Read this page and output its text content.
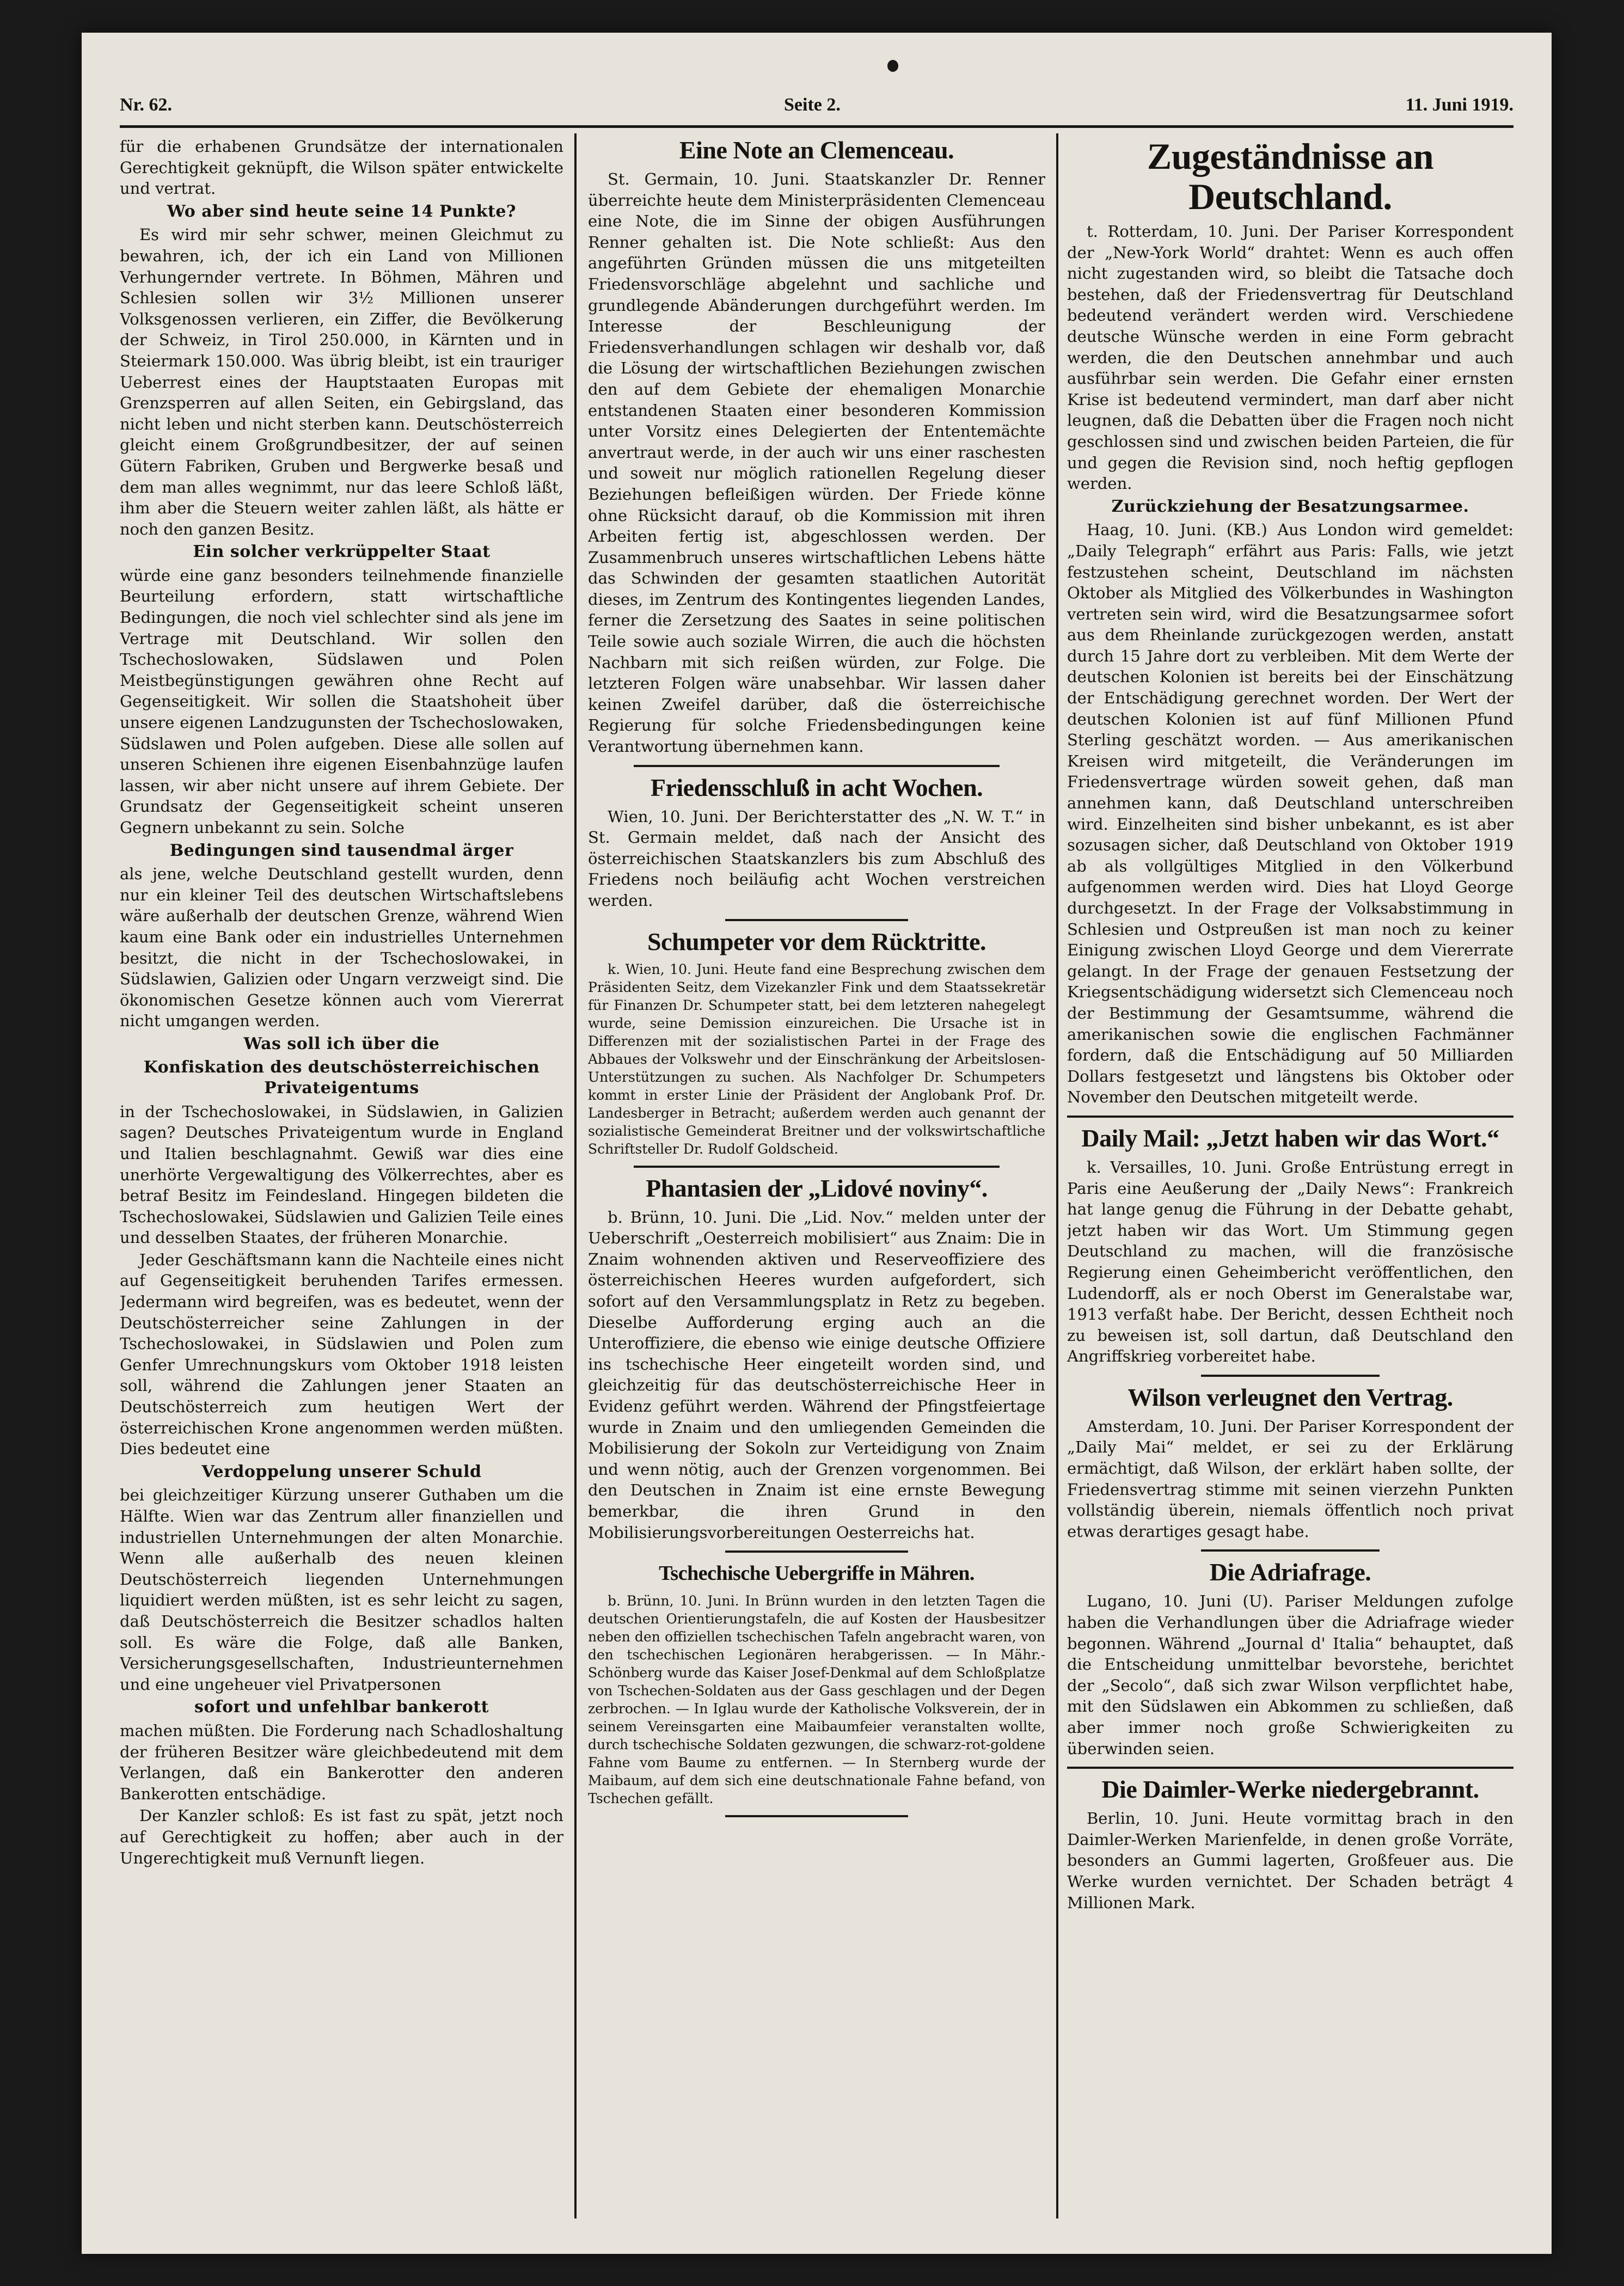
Nr. 62.	Seite 2.	11. Juni 1919.

für die erhabenen Grundsätze der internationalen Gerechtigkeit geknüpft, die Wilson später entwickelte und vertrat.

Wo aber sind heute seine 14 Punkte?

Es wird mir sehr schwer, meinen Gleichmut zu bewahren, ich, der ich ein Land von Millionen Verhungernder vertrete. In Böhmen, Mähren und Schlesien sollen wir 3½ Millionen unserer Volksgenossen verlieren, ein Ziffer, die Bevölkerung der Schweiz, in Tirol 250.000, in Kärnten und in Steiermark 150.000. Was übrig bleibt, ist ein trauriger Ueberrest eines der Hauptstaaten Europas mit Grenzsperren auf allen Seiten, ein Gebirgsland, das nicht leben und nicht sterben kann. Deutschösterreich gleicht einem Großgrundbesitzer, der auf seinen Gütern Fabriken, Gruben und Bergwerke besaß und dem man alles wegnimmt, nur das leere Schloß läßt, ihm aber die Steuern weiter zahlen läßt, als hätte er noch den ganzen Besitz.

Ein solcher verkrüppelter Staat

würde eine ganz besonders teilnehmende finanzielle Beurteilung erfordern, statt wirtschaftliche Bedingungen, die noch viel schlechter sind als jene im Vertrage mit Deutschland. Wir sollen den Tschechoslowaken, Südslawen und Polen Meistbegünstigungen gewähren ohne Recht auf Gegenseitigkeit. Wir sollen die Staatshoheit über unsere eigenen Landzugunsten der Tschechoslowaken, Südslawen und Polen aufgeben. Diese alle sollen auf unseren Schienen ihre eigenen Eisenbahnzüge laufen lassen, wir aber nicht unsere auf ihrem Gebiete. Der Grundsatz der Gegenseitigkeit scheint unseren Gegnern unbekannt zu sein. Solche

Bedingungen sind tausendmal ärger

als jene, welche Deutschland gestellt wurden, denn nur ein kleiner Teil des deutschen Wirtschaftslebens wäre außerhalb der deutschen Grenze, während Wien kaum eine Bank oder ein industrielles Unternehmen besitzt, die nicht in der Tschechoslowakei, in Südslawien, Galizien oder Ungarn verzweigt sind. Die ökonomischen Gesetze können auch vom Viererrat nicht umgangen werden.

Was soll ich über die
Konfiskation des deutschösterreichischen Privateigentums

in der Tschechoslowakei, in Südslawien, in Galizien sagen? Deutsches Privateigentum wurde in England und Italien beschlagnahmt. Gewiß war dies eine unerhörte Vergewaltigung des Völkerrechtes, aber es betraf Besitz im Feindesland. Hingegen bildeten die Tschechoslowakei, Südslawien und Galizien Teile eines und desselben Staates, der früheren Monarchie.

Jeder Geschäftsmann kann die Nachteile eines nicht auf Gegenseitigkeit beruhenden Tarifes ermessen. Jedermann wird begreifen, was es bedeutet, wenn der Deutschösterreicher seine Zahlungen in der Tschechoslowakei, in Südslawien und Polen zum Genfer Umrechnungskurs vom Oktober 1918 leisten soll, während die Zahlungen jener Staaten an Deutschösterreich zum heutigen Wert der österreichischen Krone angenommen werden müßten. Dies bedeutet eine

Verdoppelung unserer Schuld

bei gleichzeitiger Kürzung unserer Guthaben um die Hälfte. Wien war das Zentrum aller finanziellen und industriellen Unternehmungen der alten Monarchie. Wenn alle außerhalb des neuen kleinen Deutschösterreich liegenden Unternehmungen liquidiert werden müßten, ist es sehr leicht zu sagen, daß Deutschösterreich die Besitzer schadlos halten soll. Es wäre die Folge, daß alle Banken, Versicherungsgesellschaften, Industrieunternehmen und eine ungeheuer viel Privatpersonen

sofort und unfehlbar bankerott

machen müßten. Die Forderung nach Schadloshaltung der früheren Besitzer wäre gleichbedeutend mit dem Verlangen, daß ein Bankerotter den anderen Bankerotten entschädige.

Der Kanzler schloß: Es ist fast zu spät, jetzt noch auf Gerechtigkeit zu hoffen; aber auch in der Ungerechtigkeit muß Vernunft liegen.

Eine Note an Clemenceau.

St. Germain, 10. Juni. Staatskanzler Dr. Renner überreichte heute dem Ministerpräsidenten Clemenceau eine Note, die im Sinne der obigen Ausführungen Renner gehalten ist. Die Note schließt: Aus den angeführten Gründen müssen die uns mitgeteilten Friedensvorschläge abgelehnt und sachliche und grundlegende Abänderungen durchgeführt werden. Im Interesse der Beschleunigung der Friedensverhandlungen schlagen wir deshalb vor, daß die Lösung der wirtschaftlichen Beziehungen zwischen den auf dem Gebiete der ehemaligen Monarchie entstandenen Staaten einer besonderen Kommission unter Vorsitz eines Delegierten der Ententemächte anvertraut werde, in der auch wir uns einer raschesten und soweit nur möglich rationellen Regelung dieser Beziehungen befleißigen würden. Der Friede könne ohne Rücksicht darauf, ob die Kommission mit ihren Arbeiten fertig ist, abgeschlossen werden. Der Zusammenbruch unseres wirtschaftlichen Lebens hätte das Schwinden der gesamten staatlichen Autorität dieses, im Zentrum des Kontingentes liegenden Landes, ferner die Zersetzung des Saates in seine politischen Teile sowie auch soziale Wirren, die auch die höchsten Nachbarn mit sich reißen würden, zur Folge. Die letzteren Folgen wäre unabsehbar. Wir lassen daher keinen Zweifel darüber, daß die österreichische Regierung für solche Friedensbedingungen keine Verantwortung übernehmen kann.

Friedensschluß in acht Wochen.

Wien, 10. Juni. Der Berichterstatter des „N. W. T.“ in St. Germain meldet, daß nach der Ansicht des österreichischen Staatskanzlers bis zum Abschluß des Friedens noch beiläufig acht Wochen verstreichen werden.

Schumpeter vor dem Rücktritte.

k. Wien, 10. Juni. Heute fand eine Besprechung zwischen dem Präsidenten Seitz, dem Vizekanzler Fink und dem Staatssekretär für Finanzen Dr. Schumpeter statt, bei dem letzteren nahegelegt wurde, seine Demission einzureichen. Die Ursache ist in Differenzen mit der sozialistischen Partei in der Frage des Abbaues der Volkswehr und der Einschränkung der Arbeitslosen-Unterstützungen zu suchen. Als Nachfolger Dr. Schumpeters kommt in erster Linie der Präsident der Anglobank Prof. Dr. Landesberger in Betracht; außerdem werden auch genannt der sozialistische Gemeinderat Breitner und der volkswirtschaftliche Schriftsteller Dr. Rudolf Goldscheid.

Phantasien der „Lidové noviny“.

b. Brünn, 10. Juni. Die „Lid. Nov.“ melden unter der Ueberschrift „Oesterreich mobilisiert“ aus Znaim: Die in Znaim wohnenden aktiven und Reserveoffiziere des österreichischen Heeres wurden aufgefordert, sich sofort auf den Versammlungsplatz in Retz zu begeben. Dieselbe Aufforderung erging auch an die Unteroffiziere, die ebenso wie einige deutsche Offiziere ins tschechische Heer eingeteilt worden sind, und gleichzeitig für das deutschösterreichische Heer in Evidenz geführt werden. Während der Pfingstfeiertage wurde in Znaim und den umliegenden Gemeinden die Mobilisierung der Sokoln zur Verteidigung von Znaim und wenn nötig, auch der Grenzen vorgenommen. Bei den Deutschen in Znaim ist eine ernste Bewegung bemerkbar, die ihren Grund in den Mobilisierungsvorbereitungen Oesterreichs hat.

Tschechische Uebergriffe in Mähren.

b. Brünn, 10. Juni. In Brünn wurden in den letzten Tagen die deutschen Orientierungstafeln, die auf Kosten der Hausbesitzer neben den offiziellen tschechischen Tafeln angebracht waren, von den tschechischen Legionären herabgerissen. — In Mähr.-Schönberg wurde das Kaiser Josef-Denkmal auf dem Schloßplatze von Tschechen-Soldaten aus der Gass geschlagen und der Degen zerbrochen. — In Iglau wurde der Katholische Volksverein, der in seinem Vereinsgarten eine Maibaumfeier veranstalten wollte, durch tschechische Soldaten gezwungen, die schwarz-rot-goldene Fahne vom Baume zu entfernen. — In Sternberg wurde der Maibaum, auf dem sich eine deutschnationale Fahne befand, von Tschechen gefällt.

Zugeständnisse an Deutschland.

t. Rotterdam, 10. Juni. Der Pariser Korrespondent der „New-York World“ drahtet: Wenn es auch offen nicht zugestanden wird, so bleibt die Tatsache doch bestehen, daß der Friedensvertrag für Deutschland bedeutend verändert werden wird. Verschiedene deutsche Wünsche werden in eine Form gebracht werden, die den Deutschen annehmbar und auch ausführbar sein werden. Die Gefahr einer ernsten Krise ist bedeutend vermindert, man darf aber nicht leugnen, daß die Debatten über die Fragen noch nicht geschlossen sind und zwischen beiden Parteien, die für und gegen die Revision sind, noch heftig gepflogen werden.

Zurückziehung der Besatzungsarmee.

Haag, 10. Juni. (KB.) Aus London wird gemeldet: „Daily Telegraph“ erfährt aus Paris: Falls, wie jetzt festzustehen scheint, Deutschland im nächsten Oktober als Mitglied des Völkerbundes in Washington vertreten sein wird, wird die Besatzungsarmee sofort aus dem Rheinlande zurückgezogen werden, anstatt durch 15 Jahre dort zu verbleiben. Mit dem Werte der deutschen Kolonien ist bereits bei der Einschätzung der Entschädigung gerechnet worden. Der Wert der deutschen Kolonien ist auf fünf Millionen Pfund Sterling geschätzt worden. — Aus amerikanischen Kreisen wird mitgeteilt, die Veränderungen im Friedensvertrage würden soweit gehen, daß man annehmen kann, daß Deutschland unterschreiben wird. Einzelheiten sind bisher unbekannt, es ist aber sozusagen sicher, daß Deutschland von Oktober 1919 ab als vollgültiges Mitglied in den Völkerbund aufgenommen werden wird. Dies hat Lloyd George durchgesetzt. In der Frage der Volksabstimmung in Schlesien und Ostpreußen ist man noch zu keiner Einigung zwischen Lloyd George und dem Viererrate gelangt. In der Frage der genauen Festsetzung der Kriegsentschädigung widersetzt sich Clemenceau noch der Bestimmung der Gesamtsumme, während die amerikanischen sowie die englischen Fachmänner fordern, daß die Entschädigung auf 50 Milliarden Dollars festgesetzt und längstens bis Oktober oder November den Deutschen mitgeteilt werde.

Daily Mail: „Jetzt haben wir das Wort.“

k. Versailles, 10. Juni. Große Entrüstung erregt in Paris eine Aeußerung der „Daily News“: Frankreich hat lange genug die Führung in der Debatte gehabt, jetzt haben wir das Wort. Um Stimmung gegen Deutschland zu machen, will die französische Regierung einen Geheimbericht veröffentlichen, den Ludendorff, als er noch Oberst im Generalstabe war, 1913 verfaßt habe. Der Bericht, dessen Echtheit noch zu beweisen ist, soll dartun, daß Deutschland den Angriffskrieg vorbereitet habe.

Wilson verleugnet den Vertrag.

Amsterdam, 10. Juni. Der Pariser Korrespondent der „Daily Mai“ meldet, er sei zu der Erklärung ermächtigt, daß Wilson, der erklärt haben sollte, der Friedensvertrag stimme mit seinen vierzehn Punkten vollständig überein, niemals öffentlich noch privat etwas derartiges gesagt habe.

Die Adriafrage.

Lugano, 10. Juni (U). Pariser Meldungen zufolge haben die Verhandlungen über die Adriafrage wieder begonnen. Während „Journal d' Italia“ behauptet, daß die Entscheidung unmittelbar bevorstehe, berichtet der „Secolo“, daß sich zwar Wilson verpflichtet habe, mit den Südslawen ein Abkommen zu schließen, daß aber immer noch große Schwierigkeiten zu überwinden seien.

Die Daimler-Werke niedergebrannt.

Berlin, 10. Juni. Heute vormittag brach in den Daimler-Werken Marienfelde, in denen große Vorräte, besonders an Gummi lagerten, Großfeuer aus. Die Werke wurden vernichtet. Der Schaden beträgt 4 Millionen Mark.
